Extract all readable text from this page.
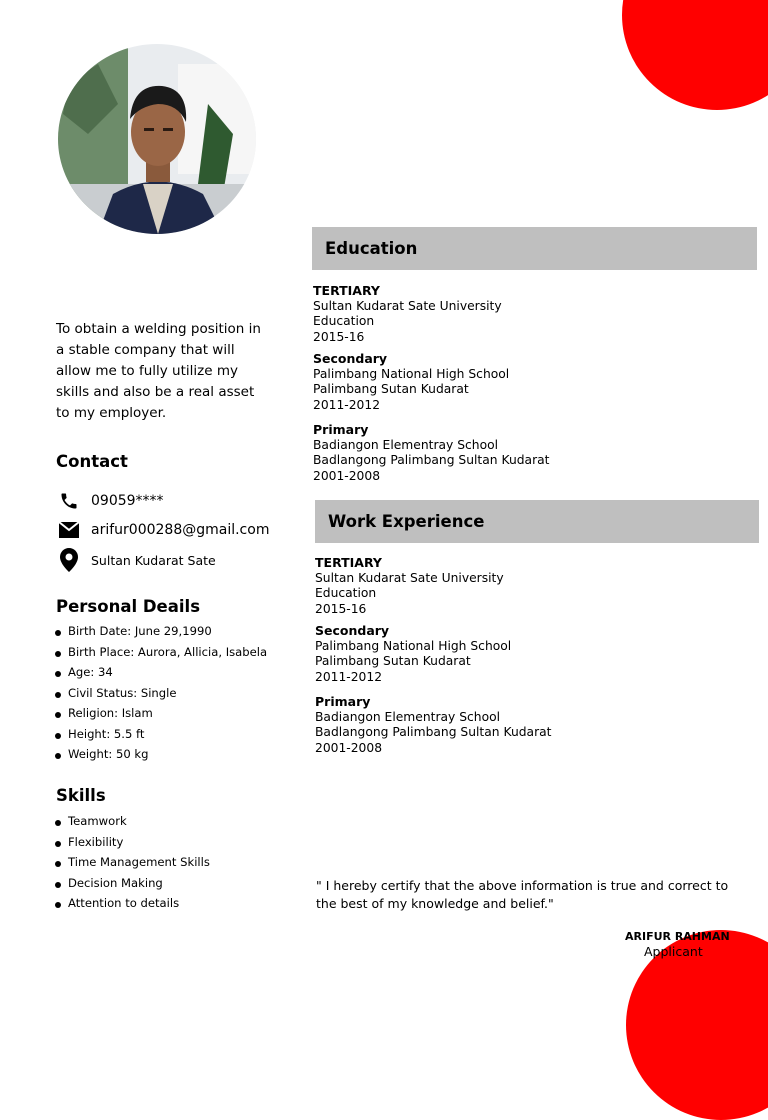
To obtain a welding position in a stable company that will allow me to fully utilize my skills and also be a real asset to my employer.
Contact
09059****
arifur000288@gmail.com
Sultan Kudarat Sate
Personal Deails
Birth Date: June 29,1990
Birth Place: Aurora, Allicia, Isabela
Age: 34
Civil Status: Single
Religion: Islam
Height: 5.5 ft
Weight: 50 kg
Skills
Teamwork
Flexibility
Time Management Skills
Decision Making
Attention to details
Education
TERTIARY
Sultan Kudarat Sate University
Education
2015-16
Secondary
Palimbang National High School
Palimbang Sutan Kudarat
2011-2012
Primary
Badiangon Elementray School
Badlangong Palimbang Sultan Kudarat
2001-2008
Work Experience
TERTIARY
Sultan Kudarat Sate University
Education
2015-16
Secondary
Palimbang National High School
Palimbang Sutan Kudarat
2011-2012
Primary
Badiangon Elementray School
Badlangong Palimbang Sultan Kudarat
2001-2008
" I hereby certify that the above information is true and correct to the best of my knowledge and belief."
ARIFUR RAHMAN
Applicant
